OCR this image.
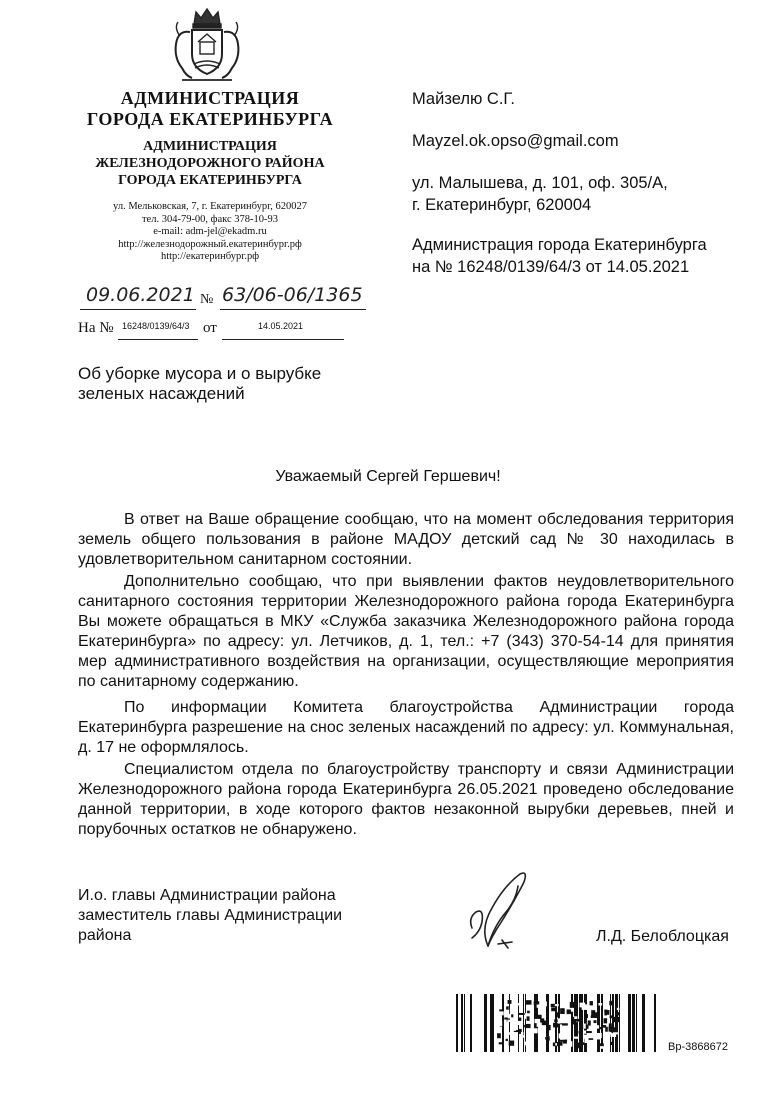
АДМИНИСТРАЦИЯ
ГОРОДА ЕКАТЕРИНБУРГА
АДМИНИСТРАЦИЯ
ЖЕЛЕЗНОДОРОЖНОГО РАЙОНА
ГОРОДА ЕКАТЕРИНБУРГА
ул. Мельковская, 7, г. Екатеринбург, 620027
тел. 304-79-00, факс 378-10-93
e-mail: adm-jel@ekadm.ru
http://железнодорожный.екатеринбург.рф
http://екатеринбург.рф
09.06.2021 № 63/06-06/1365
На № 16248/0139/64/3 от	14.05.2021
Об уборке мусора и о вырубке
зеленых насаждений
Майзелю С.Г.
Mayzel.ok.opso@gmail.com
ул. Малышева, д. 101, оф. 305/А,
г. Екатеринбург, 620004
Администрация города Екатеринбурга
на № 16248/0139/64/3 от 14.05.2021
Уважаемый Сергей Гершевич!
В ответ на Ваше обращение сообщаю, что на момент обследования территория земель общего пользования в районе МАДОУ детский сад № 30 находилась в удовлетворительном санитарном состоянии.
Дополнительно сообщаю, что при выявлении фактов неудовлетворительного санитарного состояния территории Железнодорожного района города Екатеринбурга Вы можете обращаться в МКУ «Служба заказчика Железнодорожного района города Екатеринбурга» по адресу: ул. Летчиков, д. 1, тел.: +7 (343) 370-54-14 для принятия мер административного воздействия на организации, осуществляющие мероприятия по санитарному содержанию.
По информации Комитета благоустройства Администрации города Екатеринбурга разрешение на снос зеленых насаждений по адресу: ул. Коммунальная, д. 17 не оформлялось.
Специалистом отдела по благоустройству транспорту и связи Администрации Железнодорожного района города Екатеринбурга 26.05.2021 проведено обследование данной территории, в ходе которого фактов незаконной вырубки деревьев, пней и порубочных остатков не обнаружено.
И.о. главы Администрации района
заместитель главы Администрации
района	Л.Д. Белоблоцкая
Вр-3868672
